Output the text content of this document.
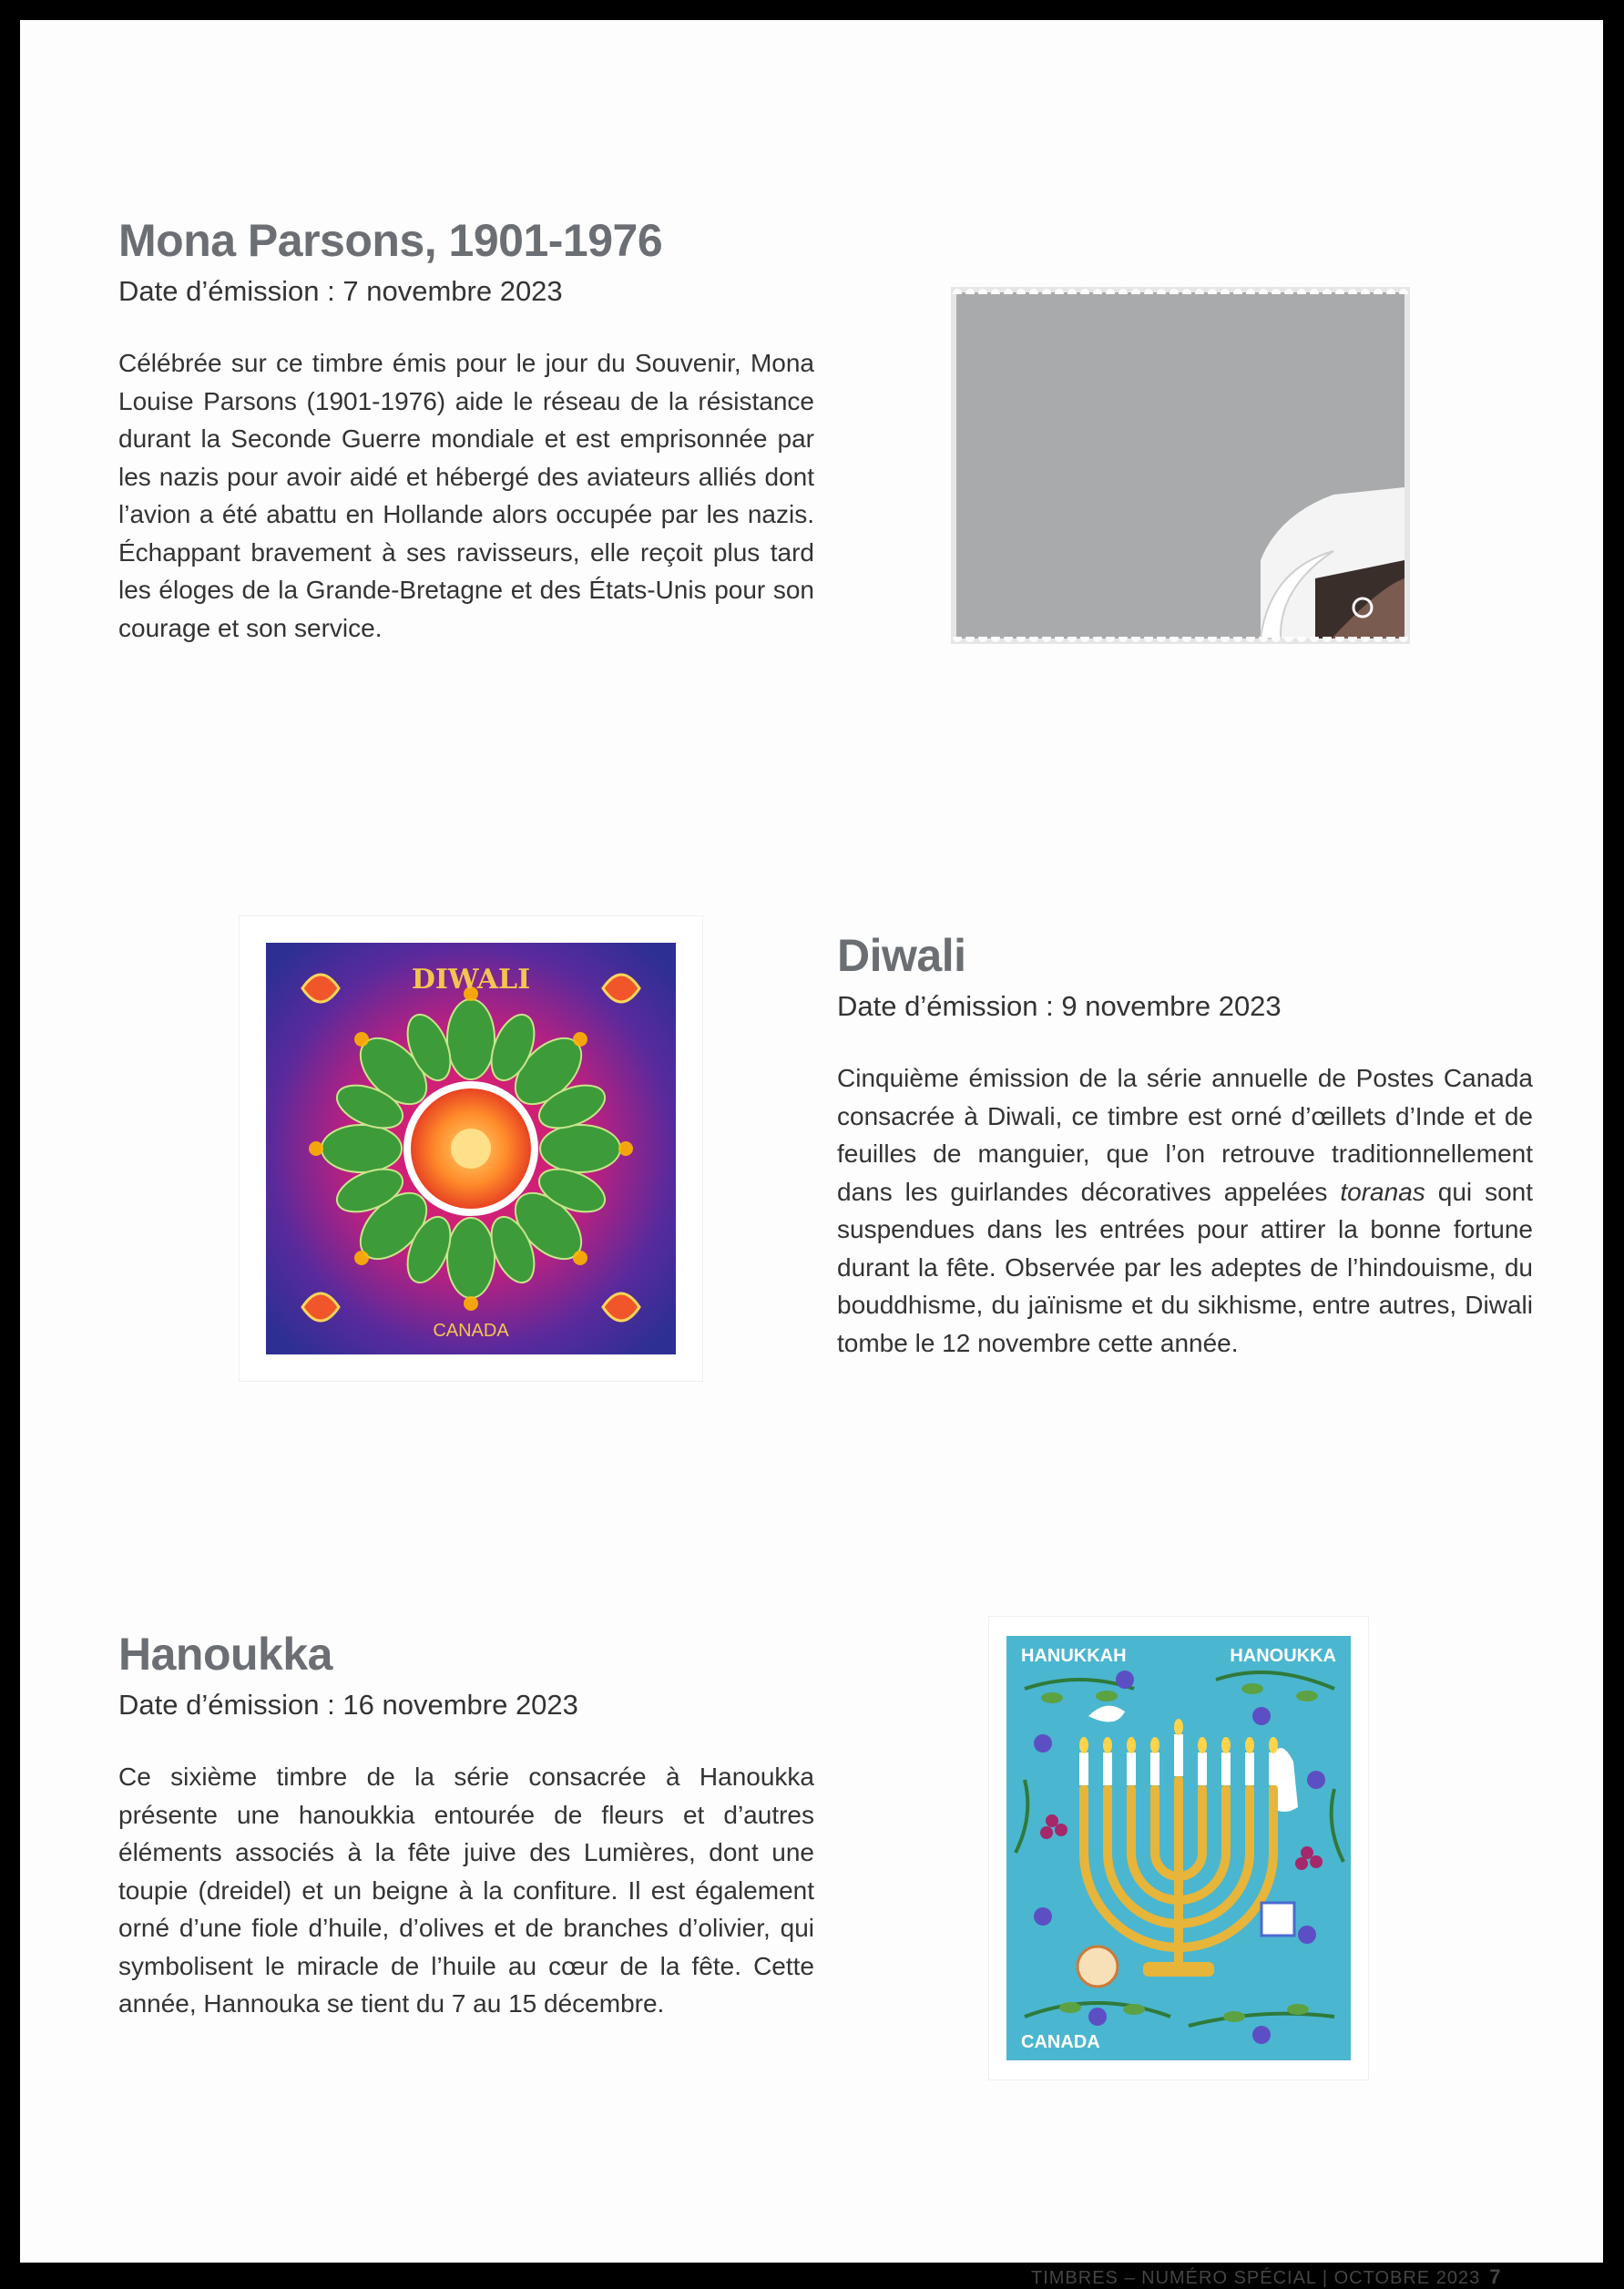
Mona Parsons, 1901-1976
Date d’émission : 7 novembre 2023

Célébrée sur ce timbre émis pour le jour du Souvenir, Mona Louise Parsons (1901-1976) aide le réseau de la résistance durant la Seconde Guerre mondiale et est emprisonnée par les nazis pour avoir aidé et hébergé des aviateurs alliés dont l’avion a été abattu en Hollande alors occupée par les nazis. Échappant bravement à ses ravisseurs, elle reçoit plus tard les éloges de la Grande-Bretagne et des États-Unis pour son courage et son service.

DIWALI
CANADA
Diwali
Date d’émission : 9 novembre 2023

Cinquième émission de la série annuelle de Postes Canada consacrée à Diwali, ce timbre est orné d’œillets d’Inde et de feuilles de manguier, que l’on retrouve traditionnellement dans les guirlandes décoratives appelées toranas qui sont suspendues dans les entrées pour attirer la bonne fortune durant la fête. Observée par les adeptes de l’hindouisme, du bouddhisme, du jaïnisme et du sikhisme, entre autres, Diwali tombe le 12 novembre cette année.

Hanoukka
Date d’émission : 16 novembre 2023

Ce sixième timbre de la série consacrée à Hanoukka présente une hanoukkia entourée de fleurs et d’autres éléments associés à la fête juive des Lumières, dont une toupie (dreidel) et un beigne à la confiture. Il est également orné d’une fiole d’huile, d’olives et de branches d’olivier, qui symbolisent le miracle de l’huile au cœur de la fête. Cette année, Hannouka se tient du 7 au 15 décembre.

HANUKKAH	HANOUKKA
CANADA
TIMBRES – NUMÉRO SPÉCIAL | OCTOBRE 2023 7
